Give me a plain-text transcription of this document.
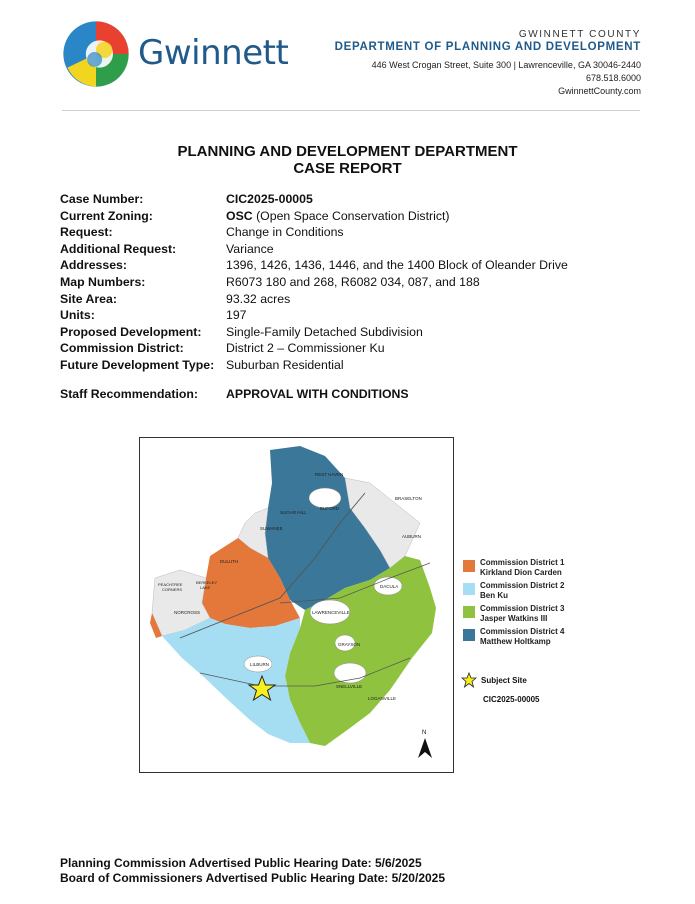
Gwinnett	GWINNETT COUNTY
DEPARTMENT OF PLANNING AND DEVELOPMENT
446 West Crogan Street, Suite 300 | Lawrenceville, GA 30046-2440
678.518.6000
GwinnettCounty.com
PLANNING AND DEVELOPMENT DEPARTMENT
CASE REPORT
Case Number:	CIC2025-00005
Current Zoning:	OSC (Open Space Conservation District)
Request:	Change in Conditions
Additional Request:	Variance
Addresses:	1396, 1426, 1436, 1446, and the 1400 Block of Oleander Drive
Map Numbers:	R6073 180 and 268, R6082 034, 087, and 188
Site Area:	93.32 acres
Units:	197
Proposed Development:	Single-Family Detached Subdivision
Commission District:	District 2 – Commissioner Ku
Future Development Type: Suburban Residential
Staff Recommendation:	APPROVAL WITH CONDITIONS
REST HAVEN
BUFORD
SUGAR HILL
SUWANEE
BRASELTON
AUBURN
DULUTH
BERKELEY
LAKE
PEACHTREE
CORNERS
NORCROSS	LAWRENCEVILLE
DACULA
LILBURN
GRAYSON
SNELLVILLE
LOGANVILLE
N
Commission District 1
Kirkland Dion Carden
Commission District 2
Ben Ku
Commission District 3
Jasper Watkins III
Commission District 4
Matthew Holtkamp
Subject Site
CIC2025-00005
Planning Commission Advertised Public Hearing Date: 5/6/2025
Board of Commissioners Advertised Public Hearing Date: 5/20/2025
